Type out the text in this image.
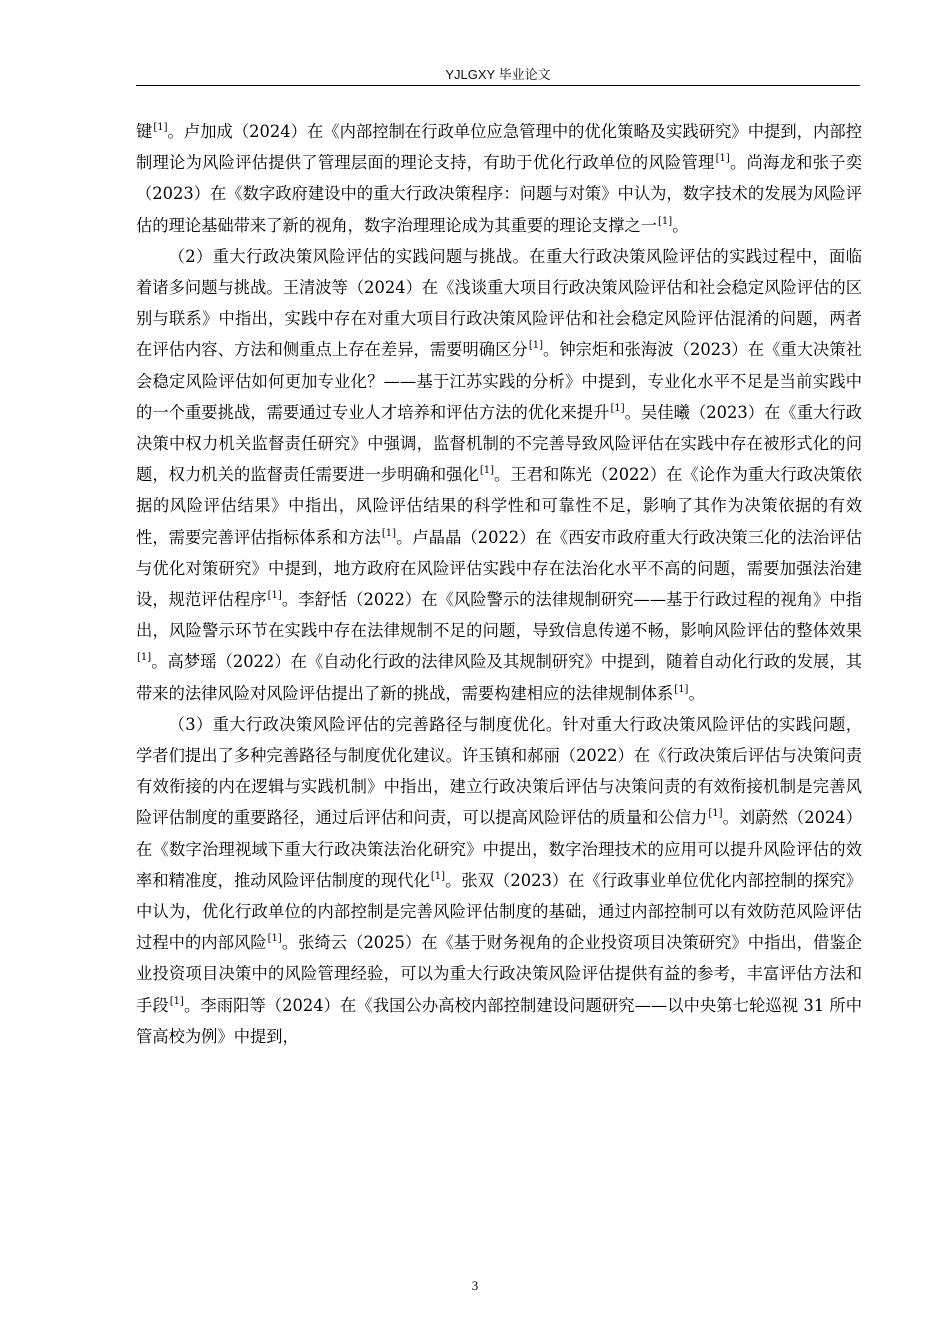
YJLGXY 毕业论文

键[1]。卢加成（2024）在《内部控制在行政单位应急管理中的优化策略及实践研究》中提到，内部控制理论为风险评估提供了管理层面的理论支持，有助于优化行政单位的风险管理[1]。尚海龙和张子奕（2023）在《数字政府建设中的重大行政决策程序：问题与对策》中认为，数字技术的发展为风险评估的理论基础带来了新的视角，数字治理理论成为其重要的理论支撑之一[1]。

（2）重大行政决策风险评估的实践问题与挑战。在重大行政决策风险评估的实践过程中，面临着诸多问题与挑战。王清波等（2024）在《浅谈重大项目行政决策风险评估和社会稳定风险评估的区别与联系》中指出，实践中存在对重大项目行政决策风险评估和社会稳定风险评估混淆的问题，两者在评估内容、方法和侧重点上存在差异，需要明确区分[1]。钟宗炬和张海波（2023）在《重大决策社会稳定风险评估如何更加专业化？——基于江苏实践的分析》中提到，专业化水平不足是当前实践中的一个重要挑战，需要通过专业人才培养和评估方法的优化来提升[1]。吴佳曦（2023）在《重大行政决策中权力机关监督责任研究》中强调，监督机制的不完善导致风险评估在实践中存在被形式化的问题，权力机关的监督责任需要进一步明确和强化[1]。王君和陈光（2022）在《论作为重大行政决策依据的风险评估结果》中指出，风险评估结果的科学性和可靠性不足，影响了其作为决策依据的有效性，需要完善评估指标体系和方法[1]。卢晶晶（2022）在《西安市政府重大行政决策三化的法治评估与优化对策研究》中提到，地方政府在风险评估实践中存在法治化水平不高的问题，需要加强法治建设，规范评估程序[1]。李舒恬（2022）在《风险警示的法律规制研究——基于行政过程的视角》中指出，风险警示环节在实践中存在法律规制不足的问题，导致信息传递不畅，影响风险评估的整体效果[1]。高梦瑶（2022）在《自动化行政的法律风险及其规制研究》中提到，随着自动化行政的发展，其带来的法律风险对风险评估提出了新的挑战，需要构建相应的法律规制体系[1]。

（3）重大行政决策风险评估的完善路径与制度优化。针对重大行政决策风险评估的实践问题，学者们提出了多种完善路径与制度优化建议。许玉镇和郝丽（2022）在《行政决策后评估与决策问责有效衔接的内在逻辑与实践机制》中指出，建立行政决策后评估与决策问责的有效衔接机制是完善风险评估制度的重要路径，通过后评估和问责，可以提高风险评估的质量和公信力[1]。刘蔚然（2024）在《数字治理视域下重大行政决策法治化研究》中提出，数字治理技术的应用可以提升风险评估的效率和精准度，推动风险评估制度的现代化[1]。张双（2023）在《行政事业单位优化内部控制的探究》中认为，优化行政单位的内部控制是完善风险评估制度的基础，通过内部控制可以有效防范风险评估过程中的内部风险[1]。张绮云（2025）在《基于财务视角的企业投资项目决策研究》中指出，借鉴企业投资项目决策中的风险管理经验，可以为重大行政决策风险评估提供有益的参考，丰富评估方法和手段[1]。李雨阳等（2024）在《我国公办高校内部控制建设问题研究——以中央第七轮巡视 31 所中管高校为例》中提到，

3
